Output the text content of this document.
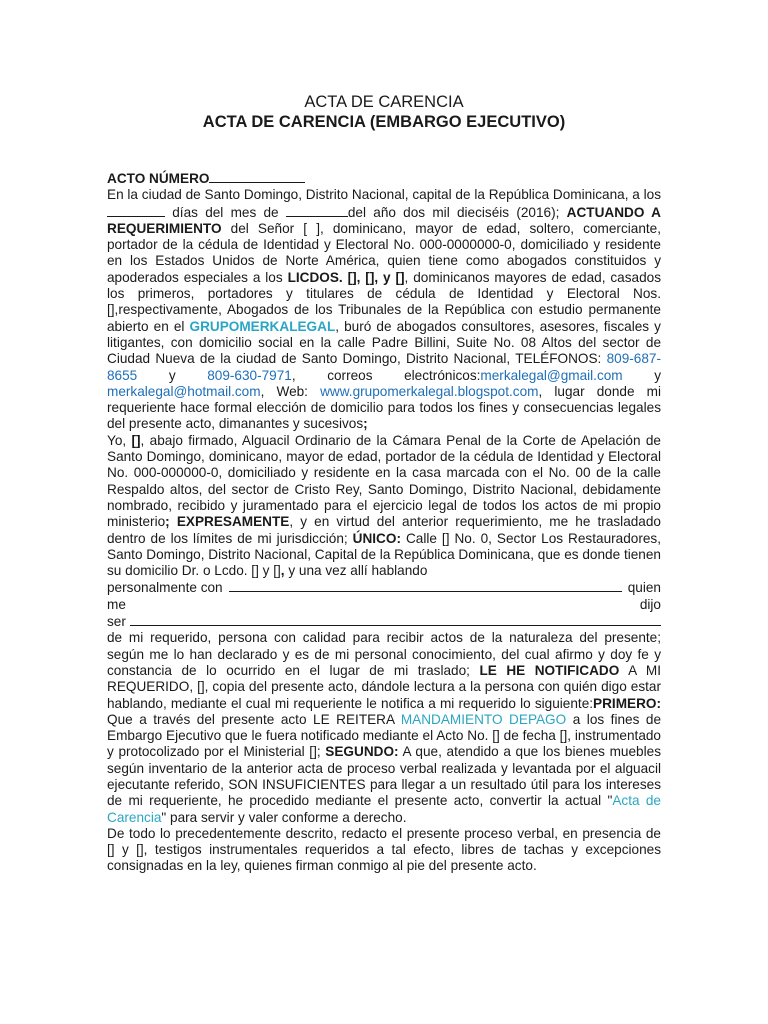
ACTA DE CARENCIA
ACTA DE CARENCIA (EMBARGO EJECUTIVO)

ACTO NÚMERO

En la ciudad de Santo Domingo, Distrito Nacional, capital de la República Dominicana, a los  días del mes de	del año dos mil dieciséis (2016); ACTUANDO A REQUERIMIENTO del Señor [ ], dominicano, mayor de edad, soltero, comerciante, portador de la cédula de Identidad y Electoral No. 000-0000000-0, domiciliado y residente en los Estados Unidos de Norte América, quien tiene como abogados constituidos y apoderados especiales a los LICDOS. [], [], y [], dominicanos mayores de edad, casados los primeros, portadores y titulares de cédula de Identidad y Electoral Nos. [],respectivamente, Abogados de los Tribunales de la República con estudio permanente abierto en el GRUPOMERKALEGAL, buró de abogados consultores, asesores, fiscales y litigantes, con domicilio social en la calle Padre Billini, Suite No. 08 Altos del sector de Ciudad Nueva de la ciudad de Santo Domingo, Distrito Nacional, TELÉFONOS: 809-687-8655 y 809-630-7971, correos electrónicos:merkalegal@gmail.com y merkalegal@hotmail.com, Web: www.grupomerkalegal.blogspot.com, lugar donde mi requeriente hace formal elección de domicilio para todos los fines y consecuencias legales del presente acto, dimanantes y sucesivos;

Yo, [], abajo firmado, Alguacil Ordinario de la Cámara Penal de la Corte de Apelación de Santo Domingo, dominicano, mayor de edad, portador de la cédula de Identidad y Electoral No. 000-000000-0, domiciliado y residente en la casa marcada con el No. 00 de la calle Respaldo altos, del sector de Cristo Rey, Santo Domingo, Distrito Nacional, debidamente nombrado, recibido y juramentado para el ejercicio legal de todos los actos de mi propio ministerio; EXPRESAMENTE, y en virtud del anterior requerimiento, me he trasladado dentro de los límites de mi jurisdicción; ÚNICO: Calle [] No. 0, Sector Los Restauradores, Santo Domingo, Distrito Nacional, Capital de la República Dominicana, que es donde tienen su domicilio Dr. o Lcdo. [] y [], y una vez allí hablando

personalmente con	quien
me	dijo
ser

de mi requerido, persona con calidad para recibir actos de la naturaleza del presente; según me lo han declarado y es de mi personal conocimiento, del cual afirmo y doy fe y constancia de lo ocurrido en el lugar de mi traslado; LE HE NOTIFICADO A MI REQUERIDO, [], copia del presente acto, dándole lectura a la persona con quién digo estar hablando, mediante el cual mi requeriente le notifica a mi requerido lo siguiente:PRIMERO: Que a través del presente acto LE REITERA MANDAMIENTO DEPAGO a los fines de Embargo Ejecutivo que le fuera notificado mediante el Acto No. [] de fecha [], instrumentado y protocolizado por el Ministerial []; SEGUNDO: A que, atendido a que los bienes muebles según inventario de la anterior acta de proceso verbal realizada y levantada por el alguacil ejecutante referido, SON INSUFICIENTES para llegar a un resultado útil para los intereses de mi requeriente, he procedido mediante el presente acto, convertir la actual "Acta de Carencia" para servir y valer conforme a derecho.

De todo lo precedentemente descrito, redacto el presente proceso verbal, en presencia de [] y [], testigos instrumentales requeridos a tal efecto, libres de tachas y excepciones consignadas en la ley, quienes firman conmigo al pie del presente acto.
